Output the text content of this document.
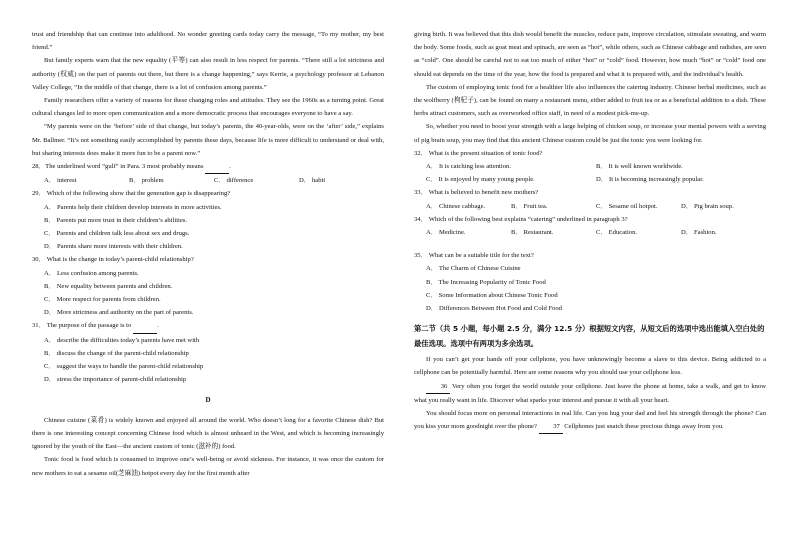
trust and friendship that can continue into adulthood. No wonder greeting cards today carry the message, “To my mother, my best friend.”

But family experts warn that the new equality (平等) can also result in less respect for parents. “There still a lot strictness and authority (权威) on the part of parents out there, but there is a change happening,” says Kerrie, a psychology professor at Lebanon Valley College, “In the middle of that change, there is a lot of confusion among parents.”

Family researchers offer a variety of reasons for these changing roles and attitudes. They see the 1960s as a turning point. Great cultural changes led to more open communication and a more democratic process that encourages everyone to have a say.

“My parents were on the ‘before’ side of that change, but today’s parents, the 40-year-olds, were on the ‘after’ side,” explains Mr. Ballmer. “It’s not something easily accomplished by parents these days, because life is more difficult to understand or deal with, but sharing interests does make it more fun to be a parent now.”

28．The underlined word “gulf” in Para. 3 most probably means	.

A． interest	B． problem	C． difference	D． habit

29． Which of the following show that the generation gap is disappearing?

A． Parents help their children develop interests in more activities.

B． Parents put more trust in their children’s abilities.

C． Parents and children talk less about sex and drugs.

D． Parents share more interests with their children.

30． What is the change in today’s parent-child relationship?

A． Less confusion among parents.

B． New equality between parents and children.

C． More respect for parents from children.

D． More strictness and authority on the part of parents.

31． The purpose of the passage is to	.

A． describe the difficulties today’s parents have met with

B． discuss the change of the parent-child relationship

C． suggest the ways to handle the parent-child relationship

D． stress the importance of parent-child relationship

D

Chinese cuisine (菜肴) is widely known and enjoyed all around the world. Who doesn’t long for a favorite Chinese dish? But there is one interesting concept concerning Chinese food which is almost unheard in the West, and which is becoming increasingly ignored by the youth of the East—the ancient custom of tonic (滋补的) food.

Tonic food is food which is consumed to improve one’s well-being or avoid sickness. For instance, it was once the custom for new mothers to eat a sesame oil(芝麻油) hotpot every day for the first month after

giving birth. It was believed that this dish would benefit the muscles, reduce pain, improve circulation, stimulate sweating, and warm the body. Some foods, such as goat meat and spinach, are seen as “hot”, while others, such as Chinese cabbage and radishes, are seen as “cold”. One should be careful not to eat too much of either “hot” or “cold” food. However, how much “hot” or “cold” food one should eat depends on the time of the year, how the food is prepared and what it is prepared with, and the individual’s health.

The custom of employing tonic food for a healthier life also influences the catering industry. Chinese herbal medicines, such as the wolfberry (枸杞子), can be found on many a restaurant menu, either added to fruit tea or as a beneficial addition to a dish. These herbs attract customers, such as overworked office staff, in need of a modest pick-me-up.

So, whether you need to boost your strength with a large helping of chicken soup, or increase your mental powers with a serving of pig brain soup, you may find that this ancient Chinese custom could be just the tonic you were looking for.

32． What is the present situation of tonic food?

A． It is catching less attention.	B． It is well known worldwide.
C． It is enjoyed by many young people.	D． It is becoming increasingly popular.

33． What is believed to benefit new mothers?

A． Chinese cabbage.	B． Fruit tea.	C． Sesame oil hotpot.	D． Pig brain soup.

34． Which of the following best explains “catering” underlined in paragraph 3?

A． Medicine.	B． Restaurant.	C． Education.	D． Fashion.

35． What can be a suitable title for the text?

A． The Charm of Chinese Cuisine

B． The Increasing Popularity of Tonic Food

C． Some Information about Chinese Tonic Food

D． Differences Between Hot Food and Cold Food

第二节（共 5 小题，每小题 2.5 分，满分 12.5 分）根据短文内容，从短文后的选项中选出能填入空白处的最佳选项。选项中有两项为多余选项。

If you can’t get your hands off your cellphone, you have unknowingly become a slave to this device. Being addicted to a cellphone can be potentially harmful. Here are some reasons why you should use your cellphone less.

36 Very often you forget the world outside your cellphone. Just leave the phone at home, take a walk, and get to know what you really want in life. Discover what sparks your interest and pursue it with all your heart.

You should focus more on personal interactions in real life. Can you hug your dad and feel his strength through the phone? Can you kiss your mom goodnight over the phone? 37 Cellphones just snatch these precious things away from you.
